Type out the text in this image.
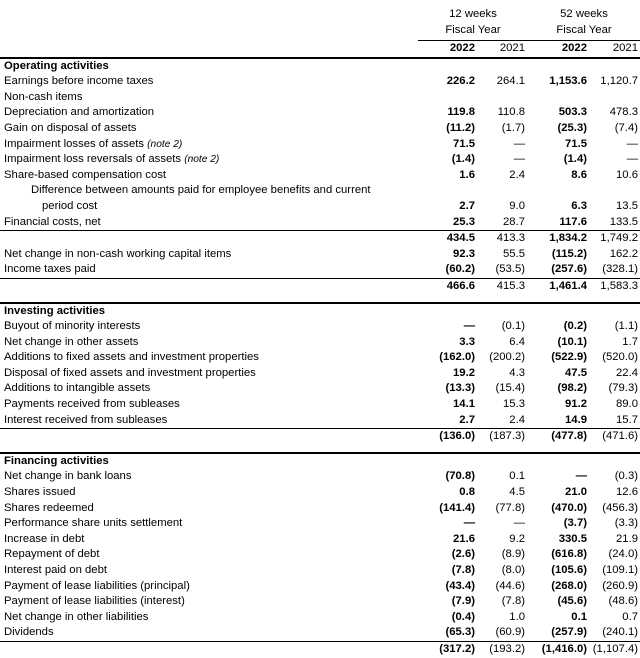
	12 weeks		52 weeks	
	Fiscal Year		Fiscal Year	

	2022	2021	2022	2021
Operating activities				
Earnings before income taxes	226.2	264.1	1,153.6	1,120.7
Non-cash items				
Depreciation and amortization	119.8	110.8	503.3	478.3
Gain on disposal of assets	(11.2)	(1.7)	(25.3)	(7.4)
Impairment losses of assets (note 2)	71.5	—	71.5	—
Impairment loss reversals of assets (note 2)	(1.4)	—	(1.4)	—
Share-based compensation cost	1.6	2.4	8.6	10.6

Difference between amounts paid for employee benefits and current
period cost	2.7	9.0	6.3	13.5
Financial costs, net	25.3	28.7	117.6	133.5
	434.5	413.3	1,834.2	1,749.2
Net change in non-cash working capital items	92.3	55.5	(115.2)	162.2
Income taxes paid	(60.2)	(53.5)	(257.6)	(328.1)
	466.6	415.3	1,461.4	1,583.3

Investing activities				
Buyout of minority interests	—	(0.1)	(0.2)	(1.1)
Net change in other assets	3.3	6.4	(10.1)	1.7
Additions to fixed assets and investment properties	(162.0)	(200.2)	(522.9)	(520.0)
Disposal of fixed assets and investment properties	19.2	4.3	47.5	22.4
Additions to intangible assets	(13.3)	(15.4)	(98.2)	(79.3)
Payments received from subleases	14.1	15.3	91.2	89.0
Interest received from subleases	2.7	2.4	14.9	15.7
	(136.0)	(187.3)	(477.8)	(471.6)

Financing activities				
Net change in bank loans	(70.8)	0.1	—	(0.3)
Shares issued	0.8	4.5	21.0	12.6
Shares redeemed	(141.4)	(77.8)	(470.0)	(456.3)
Performance share units settlement	—	—	(3.7)	(3.3)
Increase in debt	21.6	9.2	330.5	21.9
Repayment of debt	(2.6)	(8.9)	(616.8)	(24.0)
Interest paid on debt	(7.8)	(8.0)	(105.6)	(109.1)
Payment of lease liabilities (principal)	(43.4)	(44.6)	(268.0)	(260.9)
Payment of lease liabilities (interest)	(7.9)	(7.8)	(45.6)	(48.6)
Net change in other liabilities	(0.4)	1.0	0.1	0.7
Dividends	(65.3)	(60.9)	(257.9)	(240.1)
	(317.2)	(193.2)	(1,416.0)	(1,107.4)
